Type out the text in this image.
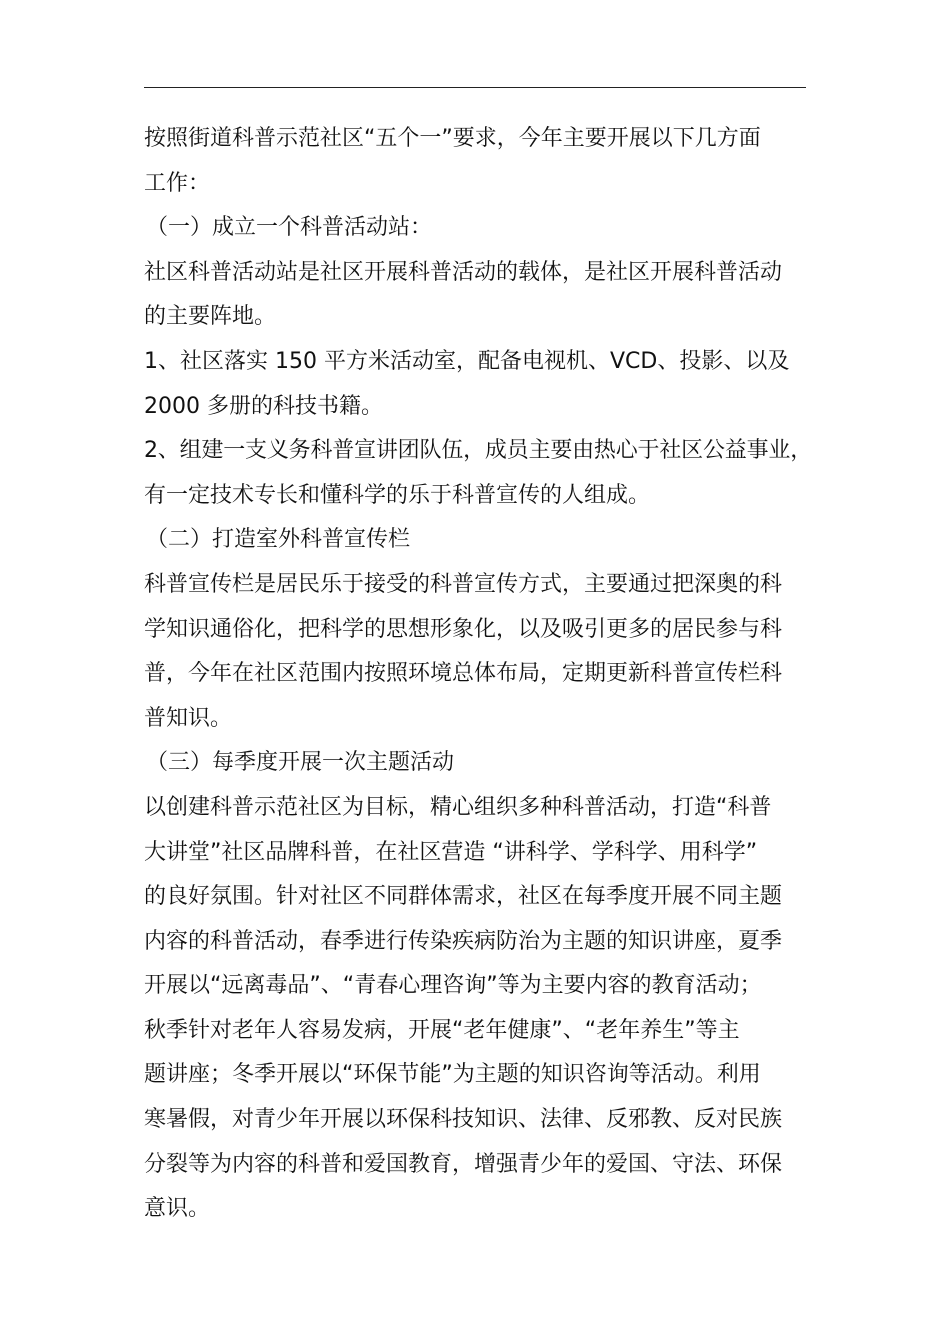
按照街道科普示范社区“五个一”要求，今年主要开展以下几方面

工作：

（一）成立一个科普活动站：

社区科普活动站是社区开展科普活动的载体，是社区开展科普活动

的主要阵地。

1、社区落实 150 平方米活动室，配备电视机、VCD、投影、以及

2000 多册的科技书籍。

2、组建一支义务科普宣讲团队伍，成员主要由热心于社区公益事业，

有一定技术专长和懂科学的乐于科普宣传的人组成。

（二）打造室外科普宣传栏

科普宣传栏是居民乐于接受的科普宣传方式，主要通过把深奥的科

学知识通俗化，把科学的思想形象化，以及吸引更多的居民参与科

普，今年在社区范围内按照环境总体布局，定期更新科普宣传栏科

普知识。

（三）每季度开展一次主题活动

以创建科普示范社区为目标，精心组织多种科普活动，打造“科普

大讲堂”社区品牌科普，在社区营造 “讲科学、学科学、用科学”

的良好氛围。针对社区不同群体需求，社区在每季度开展不同主题

内容的科普活动，春季进行传染疾病防治为主题的知识讲座，夏季

开展以“远离毒品”、“青春心理咨询”等为主要内容的教育活动；

秋季针对老年人容易发病，开展“老年健康”、“老年养生”等主

题讲座；冬季开展以“环保节能”为主题的知识咨询等活动。利用

寒暑假，对青少年开展以环保科技知识、法律、反邪教、反对民族

分裂等为内容的科普和爱国教育，增强青少年的爱国、守法、环保

意识。
